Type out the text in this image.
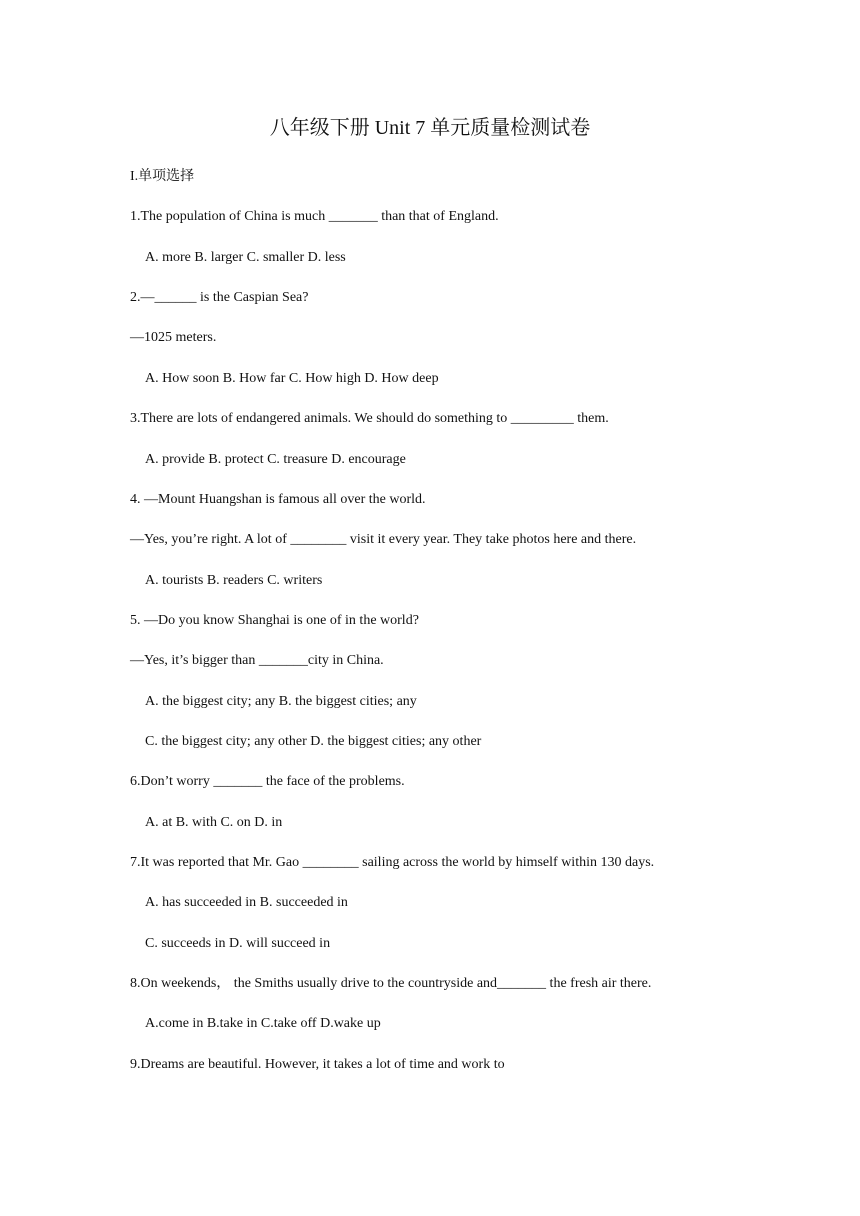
八年级下册 Unit 7 单元质量检测试卷
I.单项选择
1.The population of China is much _______ than that of England.
A. more B. larger C. smaller D. less
2.—______ is the Caspian Sea?
—1025 meters.
A. How soon B. How far C. How high D. How deep
3.There are lots of endangered animals. We should do something to _________ them.
A. provide B. protect C. treasure D. encourage
4. —Mount Huangshan is famous all over the world.
—Yes, you’re right. A lot of ________ visit it every year. They take photos here and there.
A. tourists B. readers C. writers
5. —Do you know Shanghai is one of in the world?
—Yes, it’s bigger than _______city in China.
A. the biggest city; any B. the biggest cities; any
C. the biggest city; any other D. the biggest cities; any other
6.Don’t worry _______ the face of the problems.
A. at B. with C. on D. in
7.It was reported that Mr. Gao ________ sailing across the world by himself within 130 days.
A. has succeeded in B. succeeded in
C. succeeds in D. will succeed in
8.On weekends， the Smiths usually drive to the countryside and_______ the fresh air there.
A.come in B.take in C.take off D.wake up
9.Dreams are beautiful. However, it takes a lot of time and work to
